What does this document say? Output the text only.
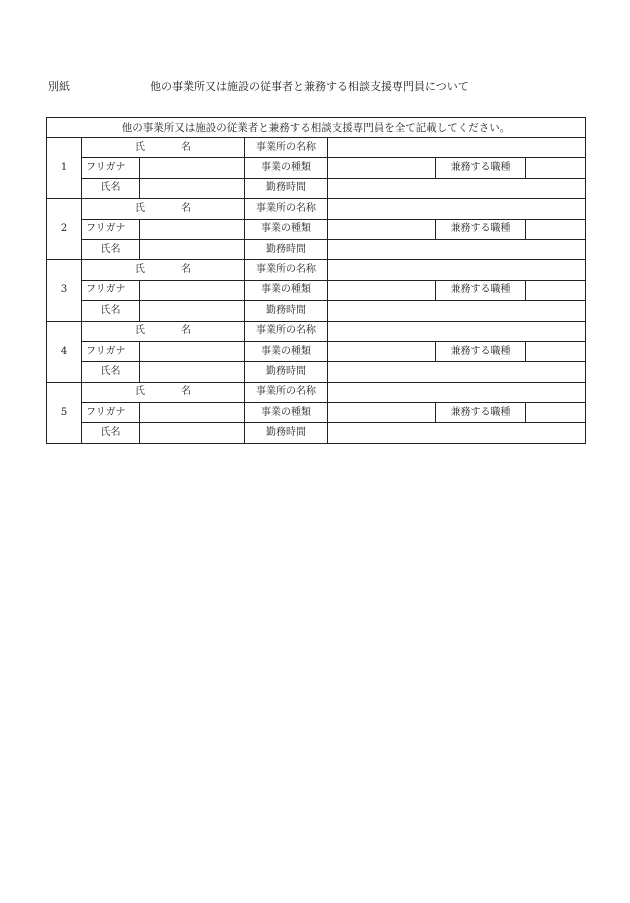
別紙	他の事業所又は施設の従事者と兼務する相談支援専門員について
他の事業所又は施設の従業者と兼務する相談支援専門員を全て記載してください。						
1	氏名		事業所の名称			
	フリガナ		事業の種類		兼務する職種	
	氏名		勤務時間			
2	氏名		事業所の名称			
	フリガナ		事業の種類		兼務する職種	
	氏名		勤務時間			
3	氏名		事業所の名称			
	フリガナ		事業の種類		兼務する職種	
	氏名		勤務時間			
4	氏名		事業所の名称			
	フリガナ		事業の種類		兼務する職種	
	氏名		勤務時間			
5	氏名		事業所の名称			
	フリガナ		事業の種類		兼務する職種	
	氏名		勤務時間			
